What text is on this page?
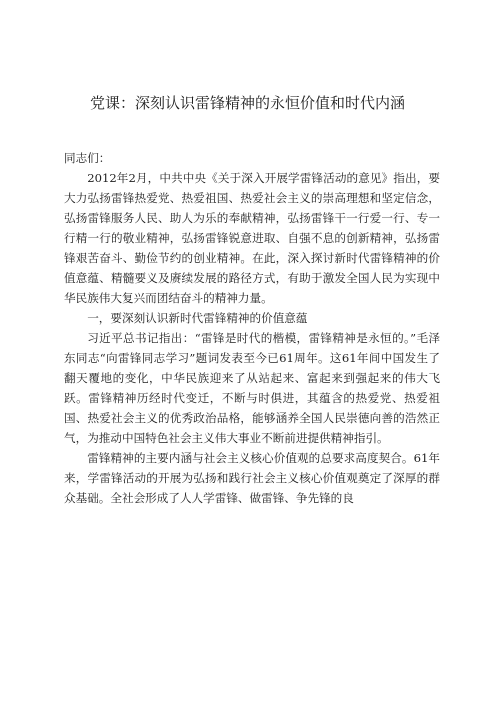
党课：深刻认识雷锋精神的永恒价值和时代内涵

同志们：

2012年2月，中共中央《关于深入开展学雷锋活动的意见》指出，要大力弘扬雷锋热爱党、热爱祖国、热爱社会主义的崇高理想和坚定信念，弘扬雷锋服务人民、助人为乐的奉献精神，弘扬雷锋干一行爱一行、专一行精一行的敬业精神，弘扬雷锋锐意进取、自强不息的创新精神，弘扬雷锋艰苦奋斗、勤俭节约的创业精神。在此，深入探讨新时代雷锋精神的价值意蕴、精髓要义及赓续发展的路径方式，有助于激发全国人民为实现中华民族伟大复兴而团结奋斗的精神力量。

一，要深刻认识新时代雷锋精神的价值意蕴

习近平总书记指出：“雷锋是时代的楷模，雷锋精神是永恒的。”毛泽东同志“向雷锋同志学习”题词发表至今已61周年。这61年间中国发生了翻天覆地的变化，中华民族迎来了从站起来、富起来到强起来的伟大飞跃。雷锋精神历经时代变迁，不断与时俱进，其蕴含的热爱党、热爱祖国、热爱社会主义的优秀政治品格，能够涵养全国人民崇德向善的浩然正气，为推动中国特色社会主义伟大事业不断前进提供精神指引。

雷锋精神的主要内涵与社会主义核心价值观的总要求高度契合。61年来，学雷锋活动的开展为弘扬和践行社会主义核心价值观奠定了深厚的群众基础。全社会形成了人人学雷锋、做雷锋、争先锋的良
